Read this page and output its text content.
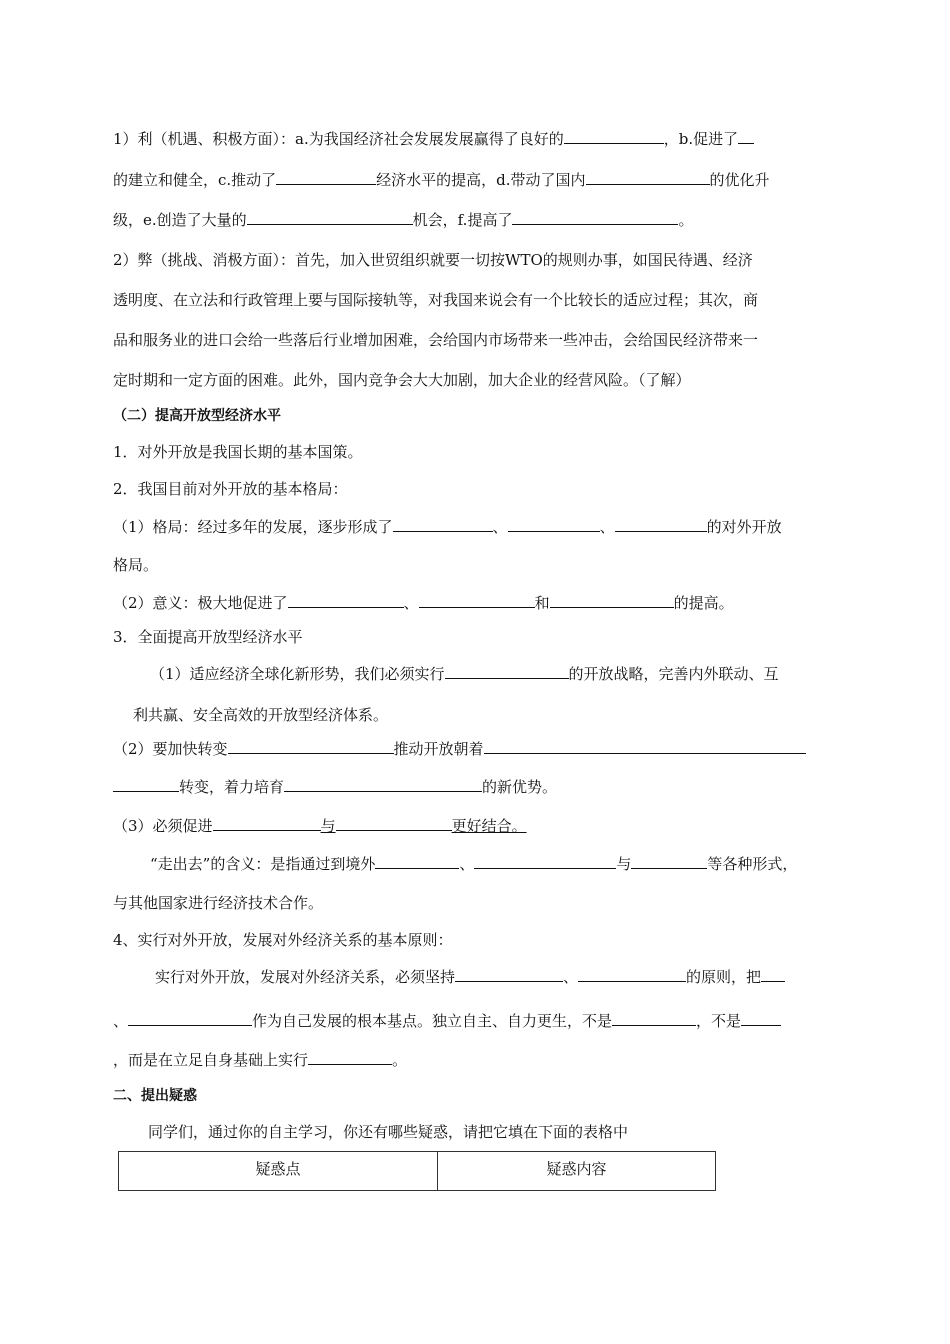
1）利（机遇、积极方面）：a.为我国经济社会发展发展赢得了良好的	，b.促进了
的建立和健全，c.推动了	经济水平的提高，d.带动了国内	的优化升
级，e.创造了大量的	机会，f.提高了	。
2）弊（挑战、消极方面）：首先，加入世贸组织就要一切按WTO的规则办事，如国民待遇、经济
透明度、在立法和行政管理上要与国际接轨等，对我国来说会有一个比较长的适应过程；其次，商
品和服务业的进口会给一些落后行业增加困难，会给国内市场带来一些冲击，会给国民经济带来一
定时期和一定方面的困难。此外，国内竞争会大大加剧，加大企业的经营风险。（了解）
（二）提高开放型经济水平
1．对外开放是我国长期的基本国策。
2．我国目前对外开放的基本格局：
（1）格局：经过多年的发展，逐步形成了	、	、	的对外开放
格局。
（2）意义：极大地促进了	、	和	的提高。
3．全面提高开放型经济水平
（1）适应经济全球化新形势，我们必须实行	的开放战略，完善内外联动、互
利共赢、安全高效的开放型经济体系。
（2）要加快转变	推动开放朝着
转变，着力培育	的新优势。
（3）必须促进	与	更好结合。
“走出去”的含义：是指通过到境外	、	与	等各种形式，
与其他国家进行经济技术合作。
4、实行对外开放，发展对外经济关系的基本原则：
实行对外开放，发展对外经济关系，必须坚持	、	的原则，把
、	作为自己发展的根本基点。独立自主、自力更生，不是	，不是
，而是在立足自身基础上实行	。
二、提出疑惑
同学们，通过你的自主学习，你还有哪些疑惑，请把它填在下面的表格中
疑惑点	疑惑内容
